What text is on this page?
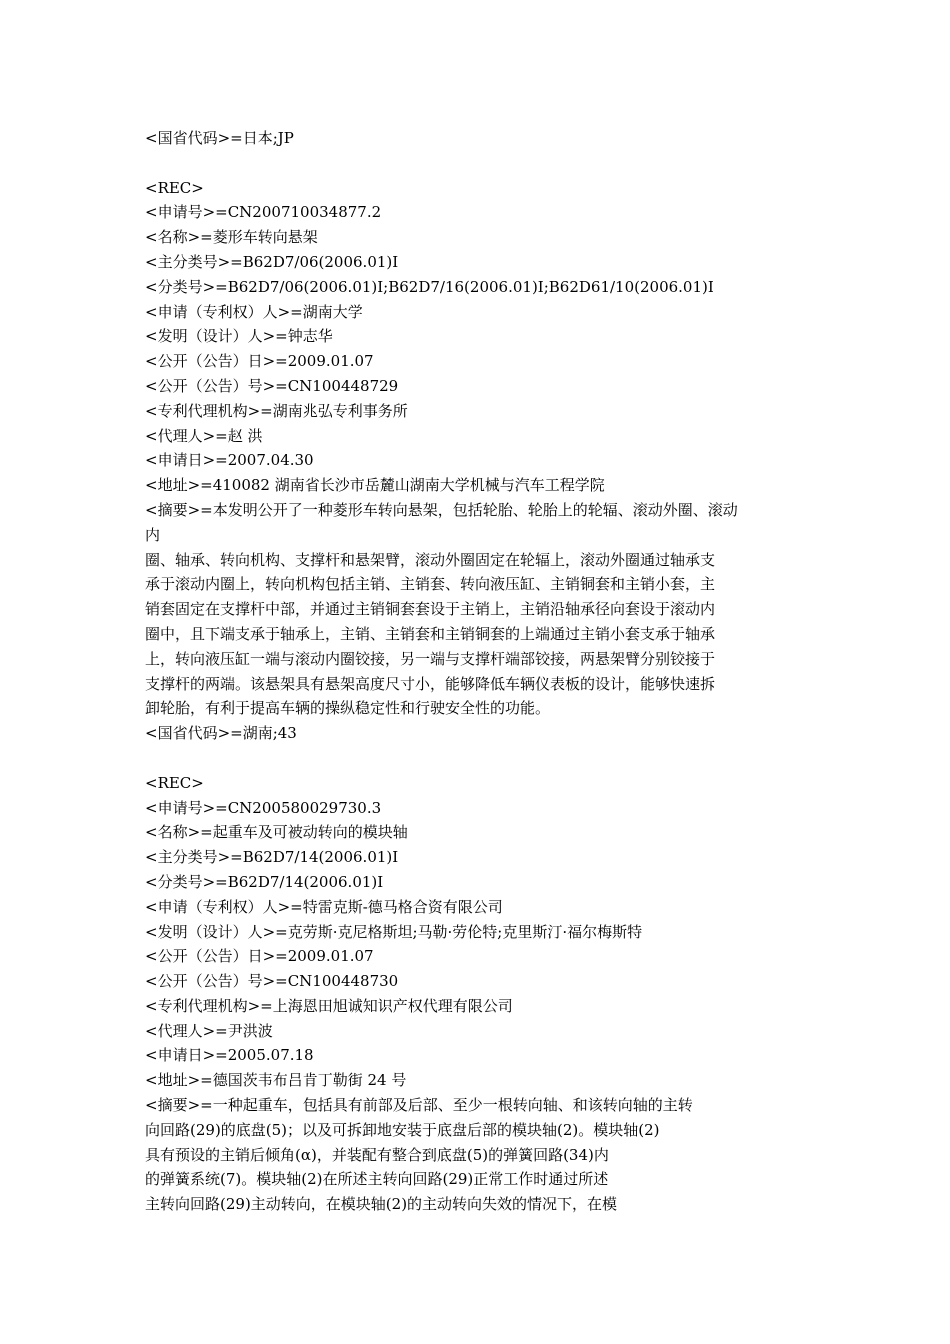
<国省代码>=日本;JP
<REC>
<申请号>=CN200710034877.2
<名称>=菱形车转向悬架
<主分类号>=B62D7/06(2006.01)I
<分类号>=B62D7/06(2006.01)I;B62D7/16(2006.01)I;B62D61/10(2006.01)I
<申请（专利权）人>=湖南大学
<发明（设计）人>=钟志华
<公开（公告）日>=2009.01.07
<公开（公告）号>=CN100448729
<专利代理机构>=湖南兆弘专利事务所
<代理人>=赵 洪
<申请日>=2007.04.30
<地址>=410082 湖南省长沙市岳麓山湖南大学机械与汽车工程学院
<摘要>=本发明公开了一种菱形车转向悬架，包括轮胎、轮胎上的轮辐、滚动外圈、滚动
内
圈、轴承、转向机构、支撑杆和悬架臂，滚动外圈固定在轮辐上，滚动外圈通过轴承支
承于滚动内圈上，转向机构包括主销、主销套、转向液压缸、主销铜套和主销小套，主
销套固定在支撑杆中部，并通过主销铜套套设于主销上，主销沿轴承径向套设于滚动内
圈中，且下端支承于轴承上，主销、主销套和主销铜套的上端通过主销小套支承于轴承
上，转向液压缸一端与滚动内圈铰接，另一端与支撑杆端部铰接，两悬架臂分别铰接于
支撑杆的两端。该悬架具有悬架高度尺寸小，能够降低车辆仪表板的设计，能够快速拆
卸轮胎，有利于提高车辆的操纵稳定性和行驶安全性的功能。
<国省代码>=湖南;43
<REC>
<申请号>=CN200580029730.3
<名称>=起重车及可被动转向的模块轴
<主分类号>=B62D7/14(2006.01)I
<分类号>=B62D7/14(2006.01)I
<申请（专利权）人>=特雷克斯-德马格合资有限公司
<发明（设计）人>=克劳斯·克尼格斯坦;马勒·劳伦特;克里斯汀·福尔梅斯特
<公开（公告）日>=2009.01.07
<公开（公告）号>=CN100448730
<专利代理机构>=上海恩田旭诚知识产权代理有限公司
<代理人>=尹洪波
<申请日>=2005.07.18
<地址>=德国茨韦布吕肯丁勒街 24 号
<摘要>=一种起重车，包括具有前部及后部、至少一根转向轴、和该转向轴的主转
向回路(29)的底盘(5)；以及可拆卸地安装于底盘后部的模块轴(2)。模块轴(2)
具有预设的主销后倾角(α)，并装配有整合到底盘(5)的弹簧回路(34)内
的弹簧系统(7)。模块轴(2)在所述主转向回路(29)正常工作时通过所述
主转向回路(29)主动转向，在模块轴(2)的主动转向失效的情况下，在模
